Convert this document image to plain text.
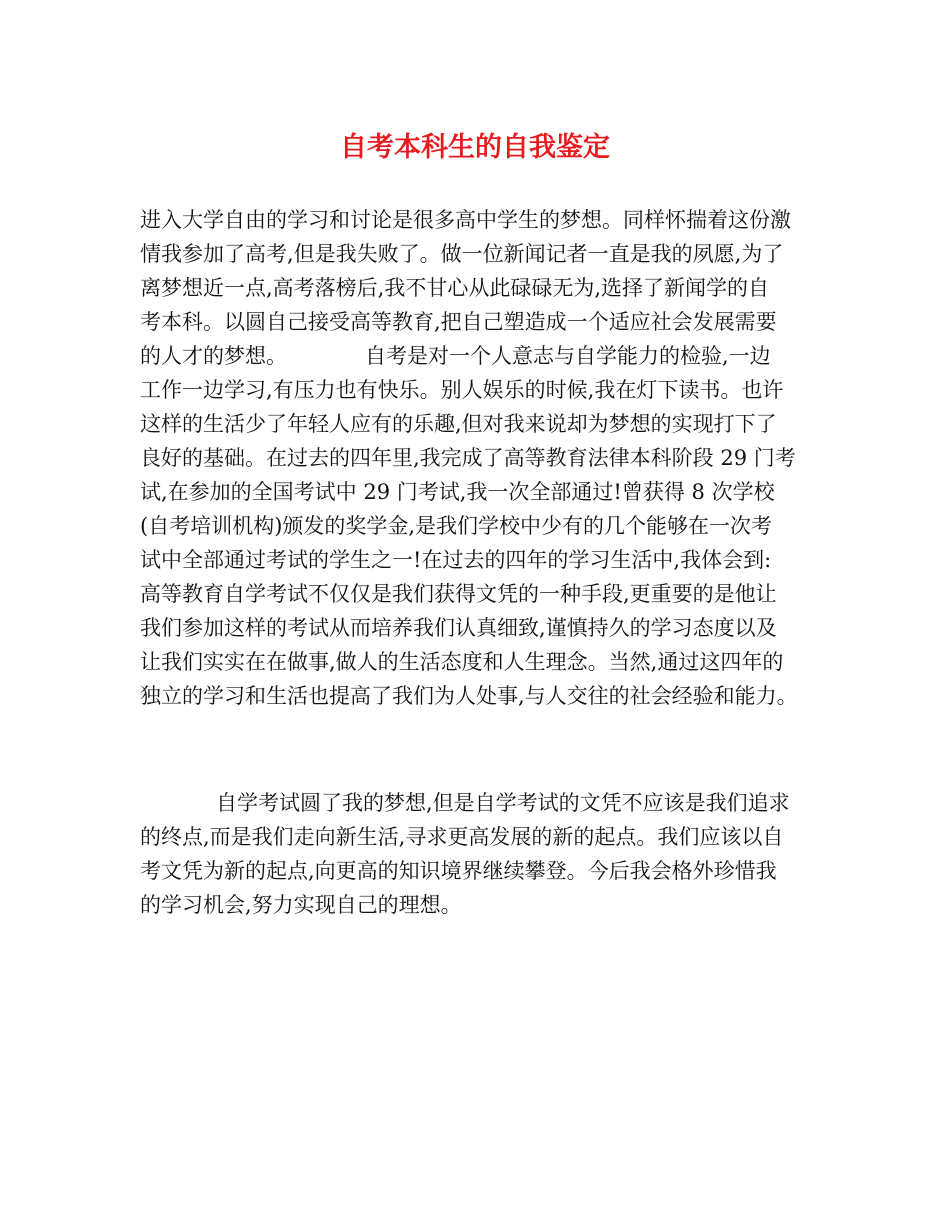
自考本科生的自我鉴定
进入大学自由的学习和讨论是很多高中学生的梦想。同样怀揣着这份激
情我参加了高考,但是我失败了。做一位新闻记者一直是我的夙愿,为了
离梦想近一点,高考落榜后,我不甘心从此碌碌无为,选择了新闻学的自
考本科。以圆自己接受高等教育,把自己塑造成一个适应社会发展需要
的人才的梦想。	自考是对一个人意志与自学能力的检验,一边
工作一边学习,有压力也有快乐。别人娱乐的时候,我在灯下读书。也许
这样的生活少了年轻人应有的乐趣,但对我来说却为梦想的实现打下了
良好的基础。在过去的四年里,我完成了高等教育法律本科阶段 29 门考
试,在参加的全国考试中 29 门考试,我一次全部通过!曾获得 8 次学校
(自考培训机构)颁发的奖学金,是我们学校中少有的几个能够在一次考
试中全部通过考试的学生之一!在过去的四年的学习生活中,我体会到:
高等教育自学考试不仅仅是我们获得文凭的一种手段,更重要的是他让
我们参加这样的考试从而培养我们认真细致,谨慎持久的学习态度以及
让我们实实在在做事,做人的生活态度和人生理念。当然,通过这四年的
独立的学习和生活也提高了我们为人处事,与人交往的社会经验和能力。
自学考试圆了我的梦想,但是自学考试的文凭不应该是我们追求
的终点,而是我们走向新生活,寻求更高发展的新的起点。我们应该以自
考文凭为新的起点,向更高的知识境界继续攀登。今后我会格外珍惜我
的学习机会,努力实现自己的理想。
